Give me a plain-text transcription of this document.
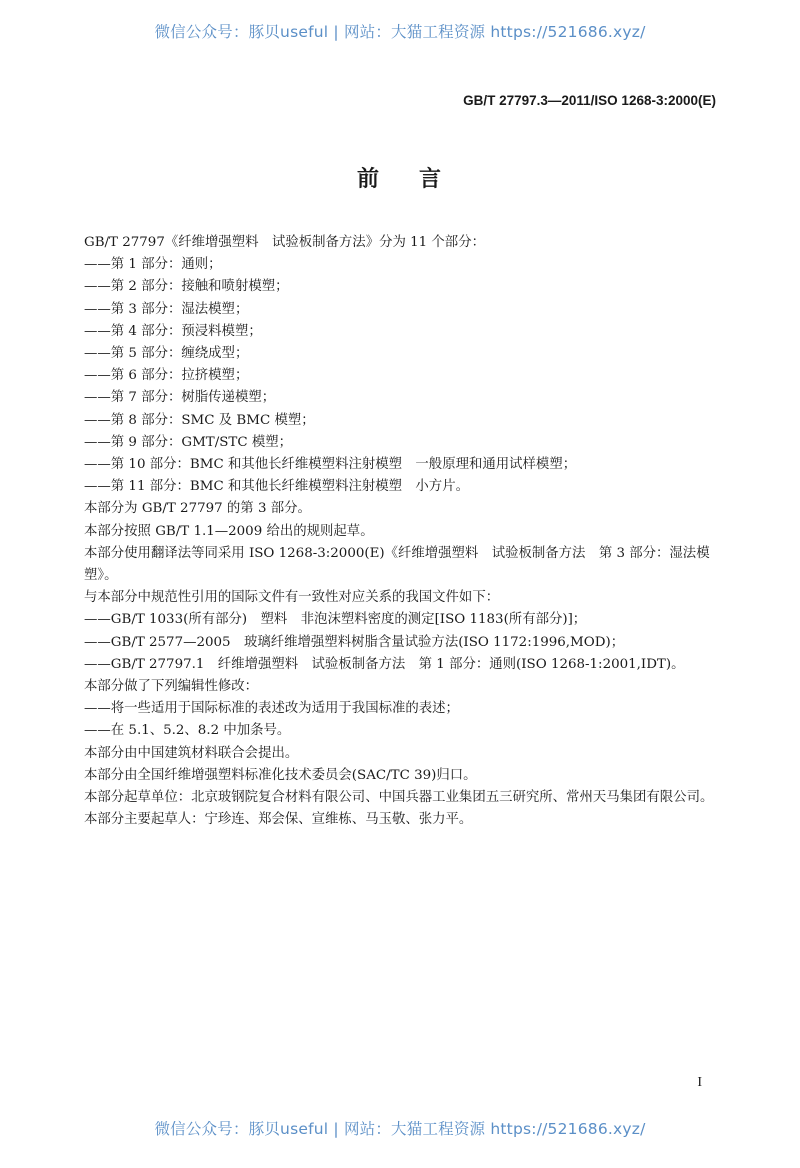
微信公众号：豚贝useful | 网站：大猫工程资源 https://521686.xyz/
GB/T 27797.3—2011/ISO 1268-3:2000(E)
前 言

GB/T 27797《纤维增强塑料　试验板制备方法》分为 11 个部分：

——第 1 部分：通则；

——第 2 部分：接触和喷射模塑；

——第 3 部分：湿法模塑；

——第 4 部分：预浸料模塑；

——第 5 部分：缠绕成型；

——第 6 部分：拉挤模塑；

——第 7 部分：树脂传递模塑；

——第 8 部分：SMC 及 BMC 模塑；

——第 9 部分：GMT/STC 模塑；

——第 10 部分：BMC 和其他长纤维模塑料注射模塑　一般原理和通用试样模塑；

——第 11 部分：BMC 和其他长纤维模塑料注射模塑　小方片。

本部分为 GB/T 27797 的第 3 部分。

本部分按照 GB/T 1.1—2009 给出的规则起草。

本部分使用翻译法等同采用 ISO 1268-3:2000(E)《纤维增强塑料　试验板制备方法　第 3 部分：湿法模塑》。

与本部分中规范性引用的国际文件有一致性对应关系的我国文件如下：

——GB/T 1033(所有部分)　塑料　非泡沫塑料密度的测定[ISO 1183(所有部分)]；

——GB/T 2577—2005　玻璃纤维增强塑料树脂含量试验方法(ISO 1172:1996,MOD)；

——GB/T 27797.1　纤维增强塑料　试验板制备方法　第 1 部分：通则(ISO 1268-1:2001,IDT)。

本部分做了下列编辑性修改：

——将一些适用于国际标准的表述改为适用于我国标准的表述；

——在 5.1、5.2、8.2 中加条号。

本部分由中国建筑材料联合会提出。

本部分由全国纤维增强塑料标准化技术委员会(SAC/TC 39)归口。

本部分起草单位：北京玻钢院复合材料有限公司、中国兵器工业集团五三研究所、常州天马集团有限公司。

本部分主要起草人：宁珍连、郑会保、宣维栋、马玉敬、张力平。

I
微信公众号：豚贝useful | 网站：大猫工程资源 https://521686.xyz/
